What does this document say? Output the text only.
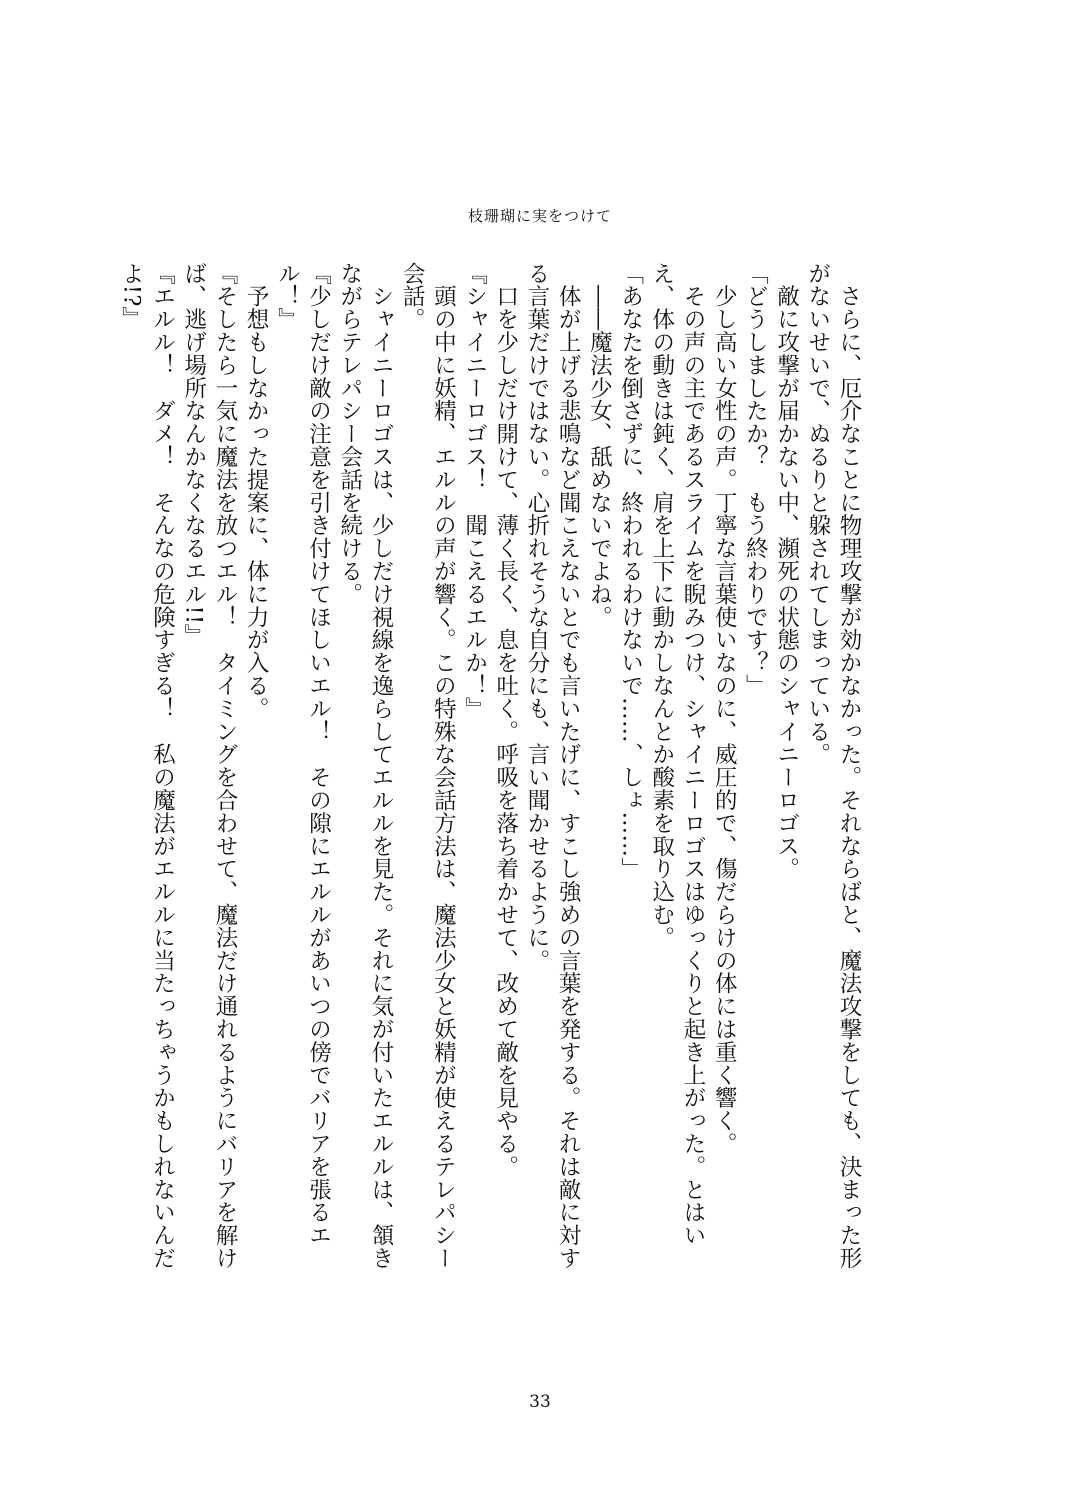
枝珊瑚に実をつけて

　さらに、厄介なことに物理攻撃が効かなかった。それならばと、魔法攻撃をしても、決まった形がないせいで、ぬるりと躱されてしまっている。

　敵に攻撃が届かない中、瀕死の状態のシャイニーロゴス。

「どうしましたか？　もう終わりです？」

　少し高い女性の声。丁寧な言葉使いなのに、威圧的で、傷だらけの体には重く響く。

　その声の主であるスライムを睨みつけ、シャイニーロゴスはゆっくりと起き上がった。とはいえ、体の動きは鈍く、肩を上下に動かしなんとか酸素を取り込む。

「あなたを倒さずに、終われるわけないで……、しょ……」

　――魔法少女、舐めないでよね。

　体が上げる悲鳴など聞こえないとでも言いたげに、すこし強めの言葉を発する。それは敵に対する言葉だけではない。心折れそうな自分にも、言い聞かせるように。

　口を少しだけ開けて、薄く長く、息を吐く。呼吸を落ち着かせて、改めて敵を見やる。

『シャイニーロゴス！　聞こえるエルか！』

　頭の中に妖精、エルルの声が響く。この特殊な会話方法は、魔法少女と妖精が使えるテレパシー会話。

　シャイニーロゴスは、少しだけ視線を逸らしてエルルを見た。それに気が付いたエルルは、頷きながらテレパシー会話を続ける。

『少しだけ敵の注意を引き付けてほしいエル！　その隙にエルルがあいつの傍でバリアを張るエル！』

　予想もしなかった提案に、体に力が入る。

『そしたら一気に魔法を放つエル！　タイミングを合わせて、魔法だけ通れるようにバリアを解けば、逃げ場所なんかなくなるエル!!』

『エルル！　ダメ！　そんなの危険すぎる！　私の魔法がエルルに当たっちゃうかもしれないんだよ!?』

33
